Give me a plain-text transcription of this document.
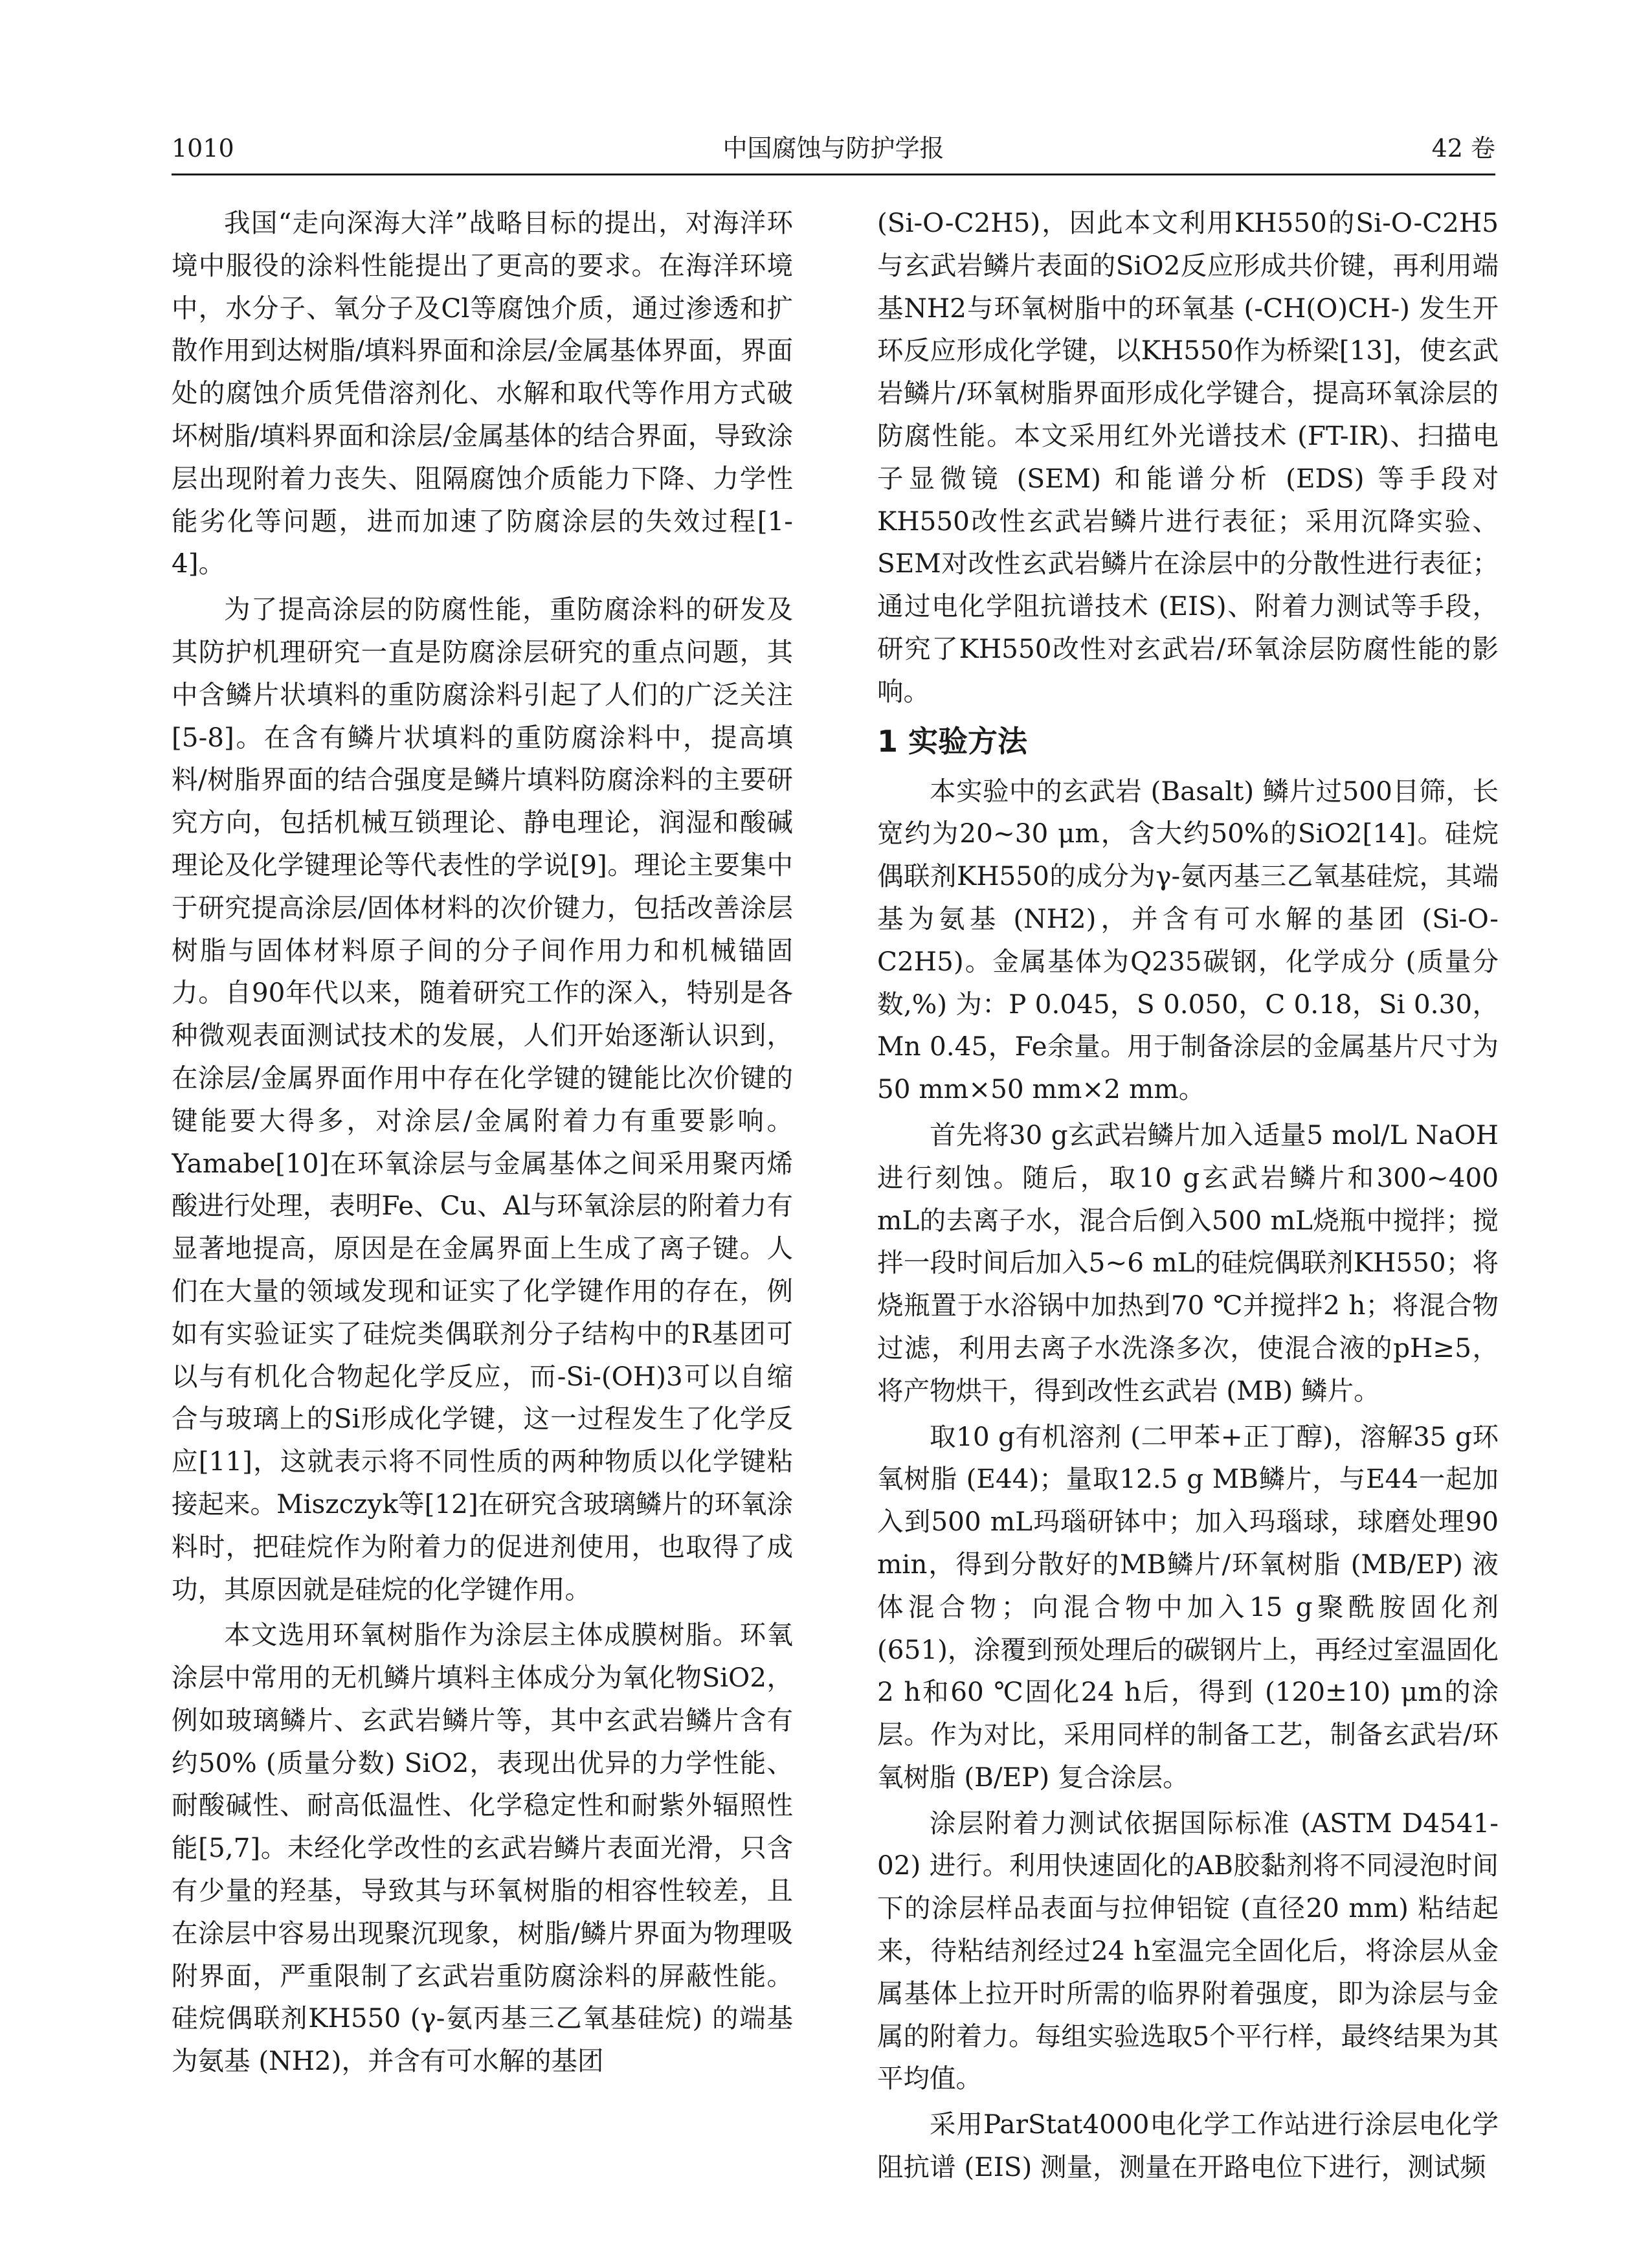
1010	中国腐蚀与防护学报	42 卷

我国“走向深海大洋”战略目标的提出，对海洋环境中服役的涂料性能提出了更高的要求。在海洋环境中，水分子、氧分子及Cl等腐蚀介质，通过渗透和扩散作用到达树脂/填料界面和涂层/金属基体界面，界面处的腐蚀介质凭借溶剂化、水解和取代等作用方式破坏树脂/填料界面和涂层/金属基体的结合界面，导致涂层出现附着力丧失、阻隔腐蚀介质能力下降、力学性能劣化等问题，进而加速了防腐涂层的失效过程[1-4]。

为了提高涂层的防腐性能，重防腐涂料的研发及其防护机理研究一直是防腐涂层研究的重点问题，其中含鳞片状填料的重防腐涂料引起了人们的广泛关注[5-8]。在含有鳞片状填料的重防腐涂料中，提高填料/树脂界面的结合强度是鳞片填料防腐涂料的主要研究方向，包括机械互锁理论、静电理论，润湿和酸碱理论及化学键理论等代表性的学说[9]。理论主要集中于研究提高涂层/固体材料的次价键力，包括改善涂层树脂与固体材料原子间的分子间作用力和机械锚固力。自90年代以来，随着研究工作的深入，特别是各种微观表面测试技术的发展，人们开始逐渐认识到，在涂层/金属界面作用中存在化学键的键能比次价键的键能要大得多，对涂层/金属附着力有重要影响。Yamabe[10]在环氧涂层与金属基体之间采用聚丙烯酸进行处理，表明Fe、Cu、Al与环氧涂层的附着力有显著地提高，原因是在金属界面上生成了离子键。人们在大量的领域发现和证实了化学键作用的存在，例如有实验证实了硅烷类偶联剂分子结构中的R基团可以与有机化合物起化学反应，而-Si-(OH)3可以自缩合与玻璃上的Si形成化学键，这一过程发生了化学反应[11]，这就表示将不同性质的两种物质以化学键粘接起来。Miszczyk等[12]在研究含玻璃鳞片的环氧涂料时，把硅烷作为附着力的促进剂使用，也取得了成功，其原因就是硅烷的化学键作用。

本文选用环氧树脂作为涂层主体成膜树脂。环氧涂层中常用的无机鳞片填料主体成分为氧化物SiO2，例如玻璃鳞片、玄武岩鳞片等，其中玄武岩鳞片含有约50% (质量分数) SiO2，表现出优异的力学性能、耐酸碱性、耐高低温性、化学稳定性和耐紫外辐照性能[5,7]。未经化学改性的玄武岩鳞片表面光滑，只含有少量的羟基，导致其与环氧树脂的相容性较差，且在涂层中容易出现聚沉现象，树脂/鳞片界面为物理吸附界面，严重限制了玄武岩重防腐涂料的屏蔽性能。硅烷偶联剂KH550 (γ-氨丙基三乙氧基硅烷) 的端基为氨基 (NH2)，并含有可水解的基团

(Si-O-C2H5)，因此本文利用KH550的Si-O-C2H5与玄武岩鳞片表面的SiO2反应形成共价键，再利用端基NH2与环氧树脂中的环氧基 (-CH(O)CH-) 发生开环反应形成化学键，以KH550作为桥梁[13]，使玄武岩鳞片/环氧树脂界面形成化学键合，提高环氧涂层的防腐性能。本文采用红外光谱技术 (FT-IR)、扫描电子显微镜 (SEM) 和能谱分析 (EDS) 等手段对KH550改性玄武岩鳞片进行表征；采用沉降实验、SEM对改性玄武岩鳞片在涂层中的分散性进行表征；通过电化学阻抗谱技术 (EIS)、附着力测试等手段，研究了KH550改性对玄武岩/环氧涂层防腐性能的影响。

1 实验方法

本实验中的玄武岩 (Basalt) 鳞片过500目筛，长宽约为20~30 μm，含大约50%的SiO2[14]。硅烷偶联剂KH550的成分为γ-氨丙基三乙氧基硅烷，其端基为氨基 (NH2)，并含有可水解的基团 (Si-O-C2H5)。金属基体为Q235碳钢，化学成分 (质量分数,%) 为：P 0.045，S 0.050，C 0.18，Si 0.30，Mn 0.45，Fe余量。用于制备涂层的金属基片尺寸为50 mm×50 mm×2 mm。

首先将30 g玄武岩鳞片加入适量5 mol/L NaOH进行刻蚀。随后，取10 g玄武岩鳞片和300~400 mL的去离子水，混合后倒入500 mL烧瓶中搅拌；搅拌一段时间后加入5~6 mL的硅烷偶联剂KH550；将烧瓶置于水浴锅中加热到70 ℃并搅拌2 h；将混合物过滤，利用去离子水洗涤多次，使混合液的pH≥5，将产物烘干，得到改性玄武岩 (MB) 鳞片。

取10 g有机溶剂 (二甲苯+正丁醇)，溶解35 g环氧树脂 (E44)；量取12.5 g MB鳞片，与E44一起加入到500 mL玛瑙研钵中；加入玛瑙球，球磨处理90 min，得到分散好的MB鳞片/环氧树脂 (MB/EP) 液体混合物；向混合物中加入15 g聚酰胺固化剂 (651)，涂覆到预处理后的碳钢片上，再经过室温固化2 h和60 ℃固化24 h后，得到 (120±10) μm的涂层。作为对比，采用同样的制备工艺，制备玄武岩/环氧树脂 (B/EP) 复合涂层。

涂层附着力测试依据国际标准 (ASTM D4541-02) 进行。利用快速固化的AB胶黏剂将不同浸泡时间下的涂层样品表面与拉伸铝锭 (直径20 mm) 粘结起来，待粘结剂经过24 h室温完全固化后，将涂层从金属基体上拉开时所需的临界附着强度，即为涂层与金属的附着力。每组实验选取5个平行样，最终结果为其平均值。

采用ParStat4000电化学工作站进行涂层电化学阻抗谱 (EIS) 测量，测量在开路电位下进行，测试频
